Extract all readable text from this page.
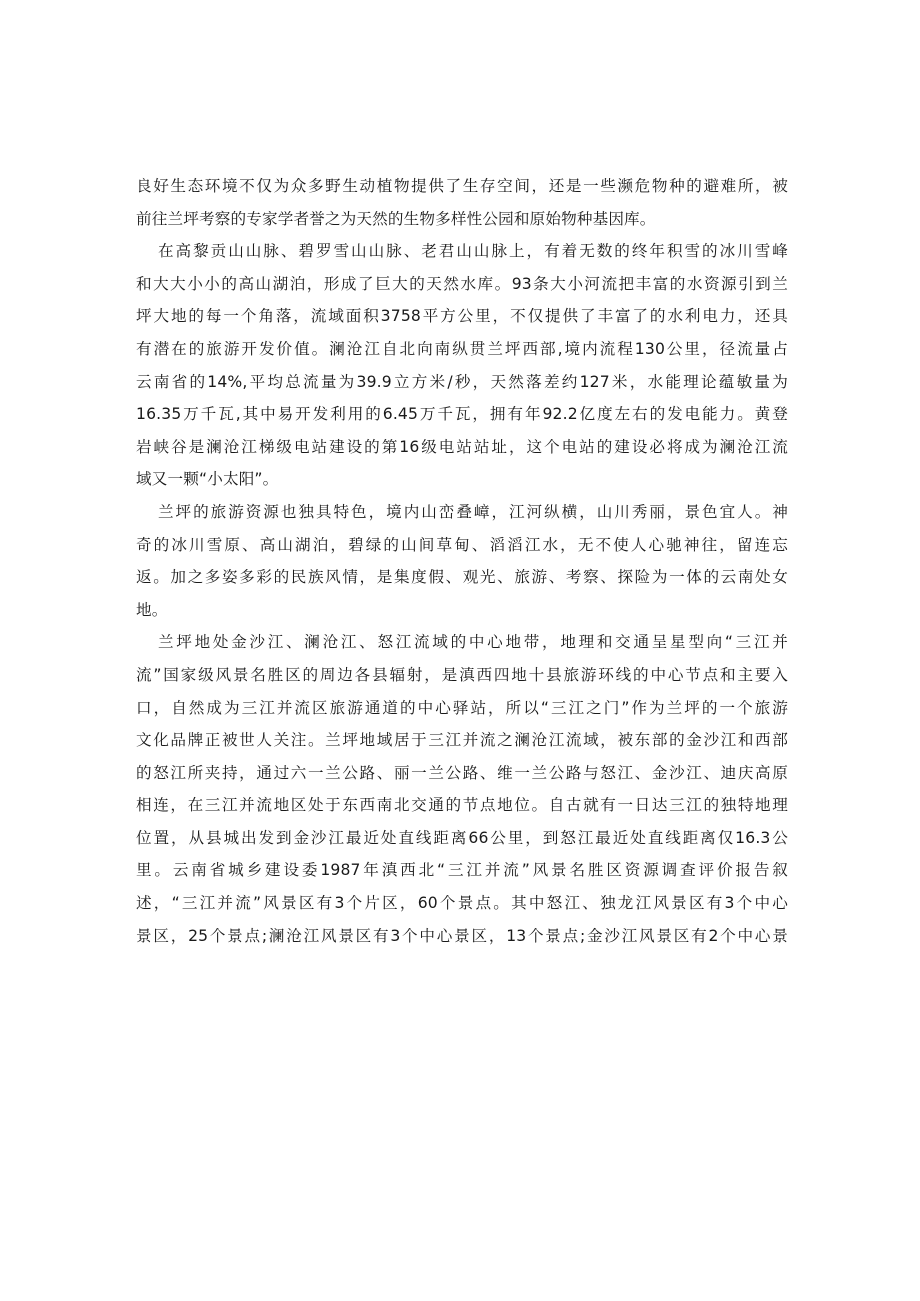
良好生态环境不仅为众多野生动植物提供了生存空间，还是一些濒危物种的避难所，被
前往兰坪考察的专家学者誉之为天然的生物多样性公园和原始物种基因库。
在高黎贡山山脉、碧罗雪山山脉、老君山山脉上，有着无数的终年积雪的冰川雪峰
和大大小小的高山湖泊，形成了巨大的天然水库。93条大小河流把丰富的水资源引到兰
坪大地的每一个角落，流域面积3758平方公里，不仅提供了丰富了的水利电力，还具
有潜在的旅游开发价值。澜沧江自北向南纵贯兰坪西部,境内流程130公里，径流量占
云南省的14%,平均总流量为39.9立方米/秒，天然落差约127米，水能理论蕴敏量为
16.35万千瓦,其中易开发利用的6.45万千瓦，拥有年92.2亿度左右的发电能力。黄登
岩峡谷是澜沧江梯级电站建设的第16级电站站址，这个电站的建设必将成为澜沧江流
域又一颗“小太阳”。
兰坪的旅游资源也独具特色，境内山峦叠嶂，江河纵横，山川秀丽，景色宜人。神
奇的冰川雪原、高山湖泊，碧绿的山间草甸、滔滔江水，无不使人心驰神往，留连忘
返。加之多姿多彩的民族风情，是集度假、观光、旅游、考察、探险为一体的云南处女
地。
兰坪地处金沙江、澜沧江、怒江流域的中心地带，地理和交通呈星型向“三江并
流”国家级风景名胜区的周边各县辐射，是滇西四地十县旅游环线的中心节点和主要入
口，自然成为三江并流区旅游通道的中心驿站，所以“三江之门”作为兰坪的一个旅游
文化品牌正被世人关注。兰坪地域居于三江并流之澜沧江流域，被东部的金沙江和西部
的怒江所夹持，通过六一兰公路、丽一兰公路、维一兰公路与怒江、金沙江、迪庆高原
相连，在三江并流地区处于东西南北交通的节点地位。自古就有一日达三江的独特地理
位置，从县城出发到金沙江最近处直线距离66公里，到怒江最近处直线距离仅16.3公
里。云南省城乡建设委1987年滇西北“三江并流”风景名胜区资源调查评价报告叙
述，“三江并流”风景区有3个片区，60个景点。其中怒江、独龙江风景区有3个中心
景区，25个景点;澜沧江风景区有3个中心景区，13个景点;金沙江风景区有2个中心景
